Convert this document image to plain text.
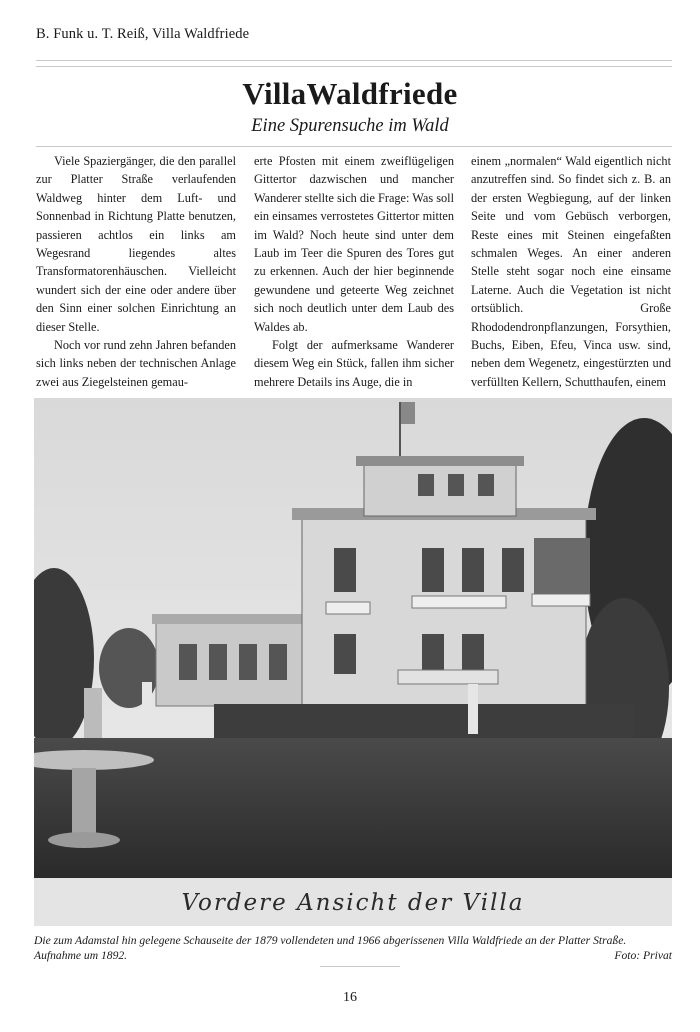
B. Funk u. T. Reiß, Villa Waldfriede
VillaWaldfriede
Eine Spurensuche im Wald

Viele Spaziergänger, die den parallel zur Platter Straße verlaufenden Waldweg hinter dem Luft- und Sonnenbad in Richtung Platte benutzen, passieren achtlos ein links am Wegesrand liegendes altes Transformatorenhäuschen. Vielleicht wundert sich der eine oder andere über den Sinn einer solchen Einrichtung an dieser Stelle.

Noch vor rund zehn Jahren befanden sich links neben der technischen Anlage zwei aus Ziegelsteinen gemau-

erte Pfosten mit einem zweiflügeligen Gittertor dazwischen und mancher Wanderer stellte sich die Frage: Was soll ein einsames verrostetes Gittertor mitten im Wald? Noch heute sind unter dem Laub im Teer die Spuren des Tores gut zu erkennen. Auch der hier beginnende gewundene und geteerte Weg zeichnet sich noch deutlich unter dem Laub des Waldes ab.

Folgt der aufmerksame Wanderer diesem Weg ein Stück, fallen ihm sicher mehrere Details ins Auge, die in

einem „normalen“ Wald eigentlich nicht anzutreffen sind. So findet sich z. B. an der ersten Wegbiegung, auf der linken Seite und vom Gebüsch verborgen, Reste eines mit Steinen eingefaßten schmalen Weges. An einer anderen Stelle steht sogar noch eine einsame Laterne. Auch die Vegetation ist nicht ortsüblich. Große Rhododendronpflanzungen, Forsythien, Buchs, Eiben, Efeu, Vinca usw. sind, neben dem Wegenetz, eingestürzten und verfüllten Kellern, Schutthaufen, einem

Vordere Ansicht der Villa
Die zum Adamstal hin gelegene Schauseite der 1879 vollendeten und 1966 abgerissenen Villa Waldfriede an der Platter Straße. Aufnahme um 1892.	Foto: Privat
16
